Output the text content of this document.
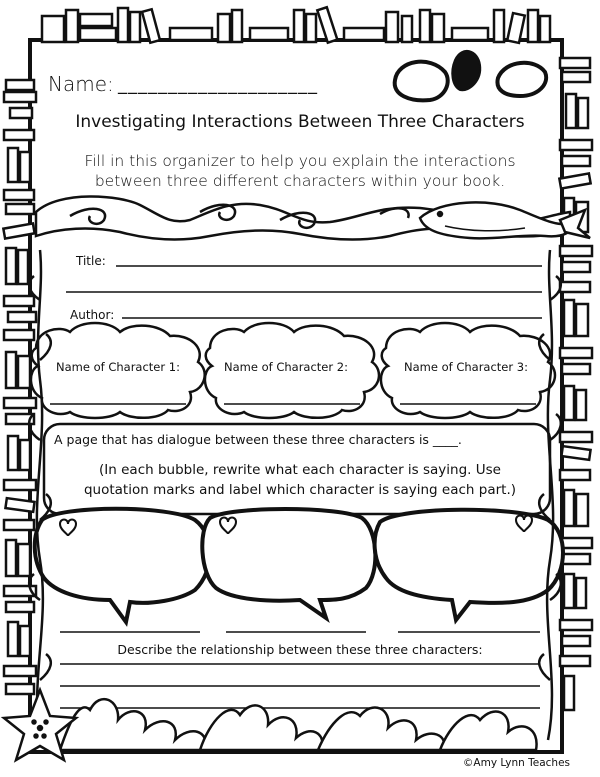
Name: ____________________
Investigating Interactions Between Three Characters
Fill in this organizer to help you explain the interactions
between three different characters within your book.
Title:
Author:
Name of Character 1:	Name of Character 2:	Name of Character 3:
A page that has dialogue between these three characters is ____.
(In each bubble, rewrite what each character is saying. Use
quotation marks and label which character is saying each part.)
Describe the relationship between these three characters:
©Amy Lynn Teaches
